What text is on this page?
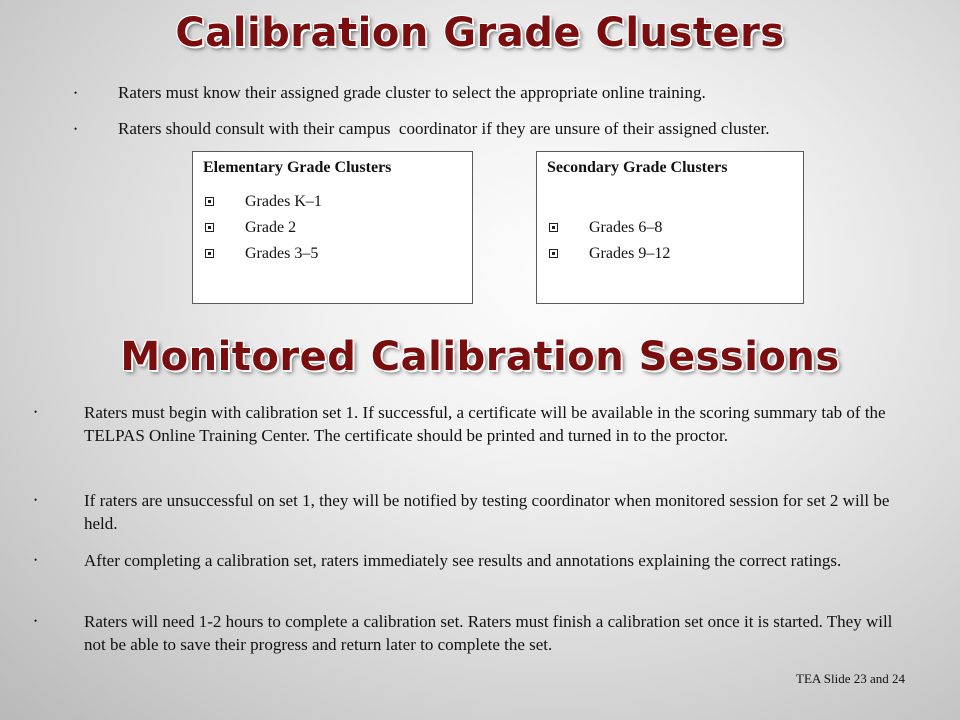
Calibration Grade Clusters
• Raters must know their assigned grade cluster to select the appropriate online training.
• Raters should consult with their campus  coordinator if they are unsure of their assigned cluster.
Elementary Grade Clusters
Grades K–1
Grade 2
Grades 3–5
Secondary Grade Clusters
Grades 6–8
Grades 9–12
Monitored Calibration Sessions
•	Raters must begin with calibration set 1. If successful, a certificate will be available in the scoring summary tab of the TELPAS Online Training Center. The certificate should be printed and turned in to the proctor.
•	If raters are unsuccessful on set 1, they will be notified by testing coordinator when monitored session for set 2 will be held.
•	After completing a calibration set, raters immediately see results and annotations explaining the correct ratings.
•	Raters will need 1-2 hours to complete a calibration set. Raters must finish a calibration set once it is started. They will not be able to save their progress and return later to complete the set.
TEA Slide 23 and 24
